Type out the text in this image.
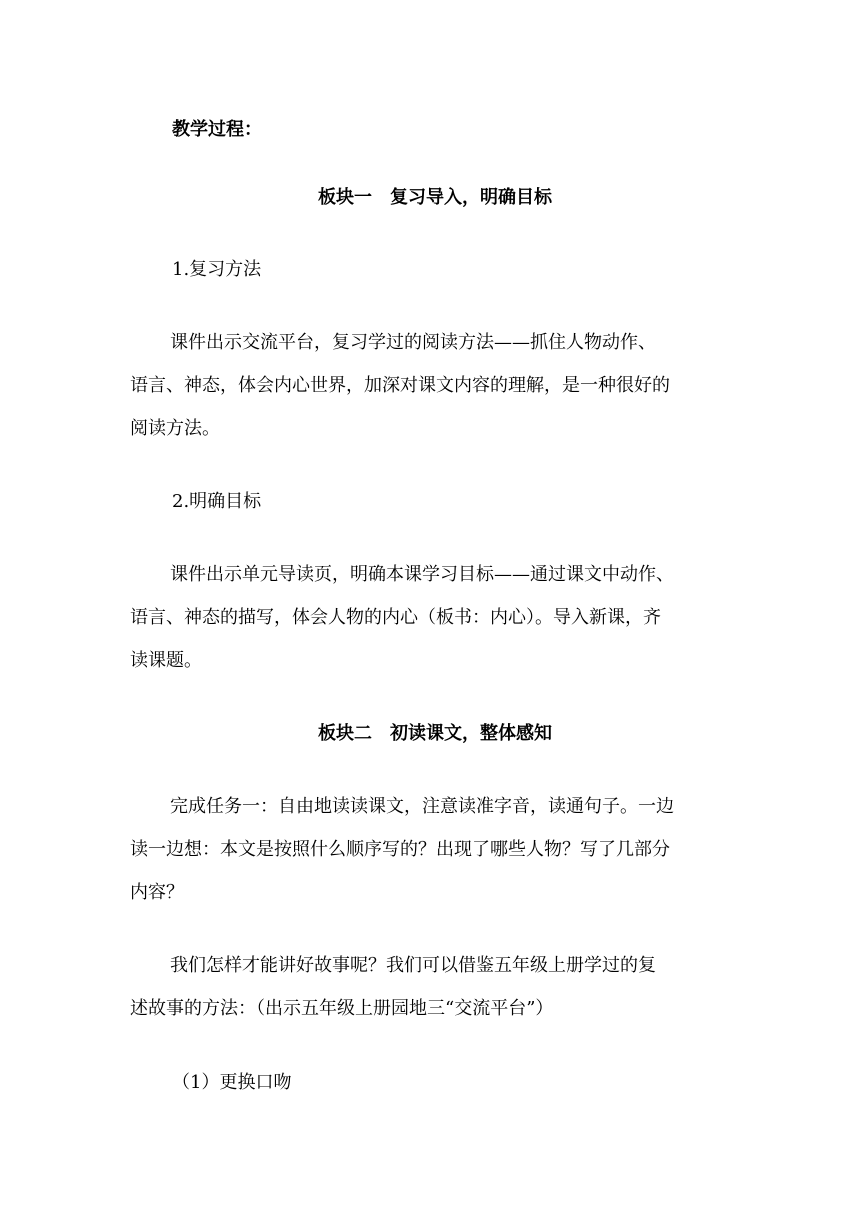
教学过程：

板块一　复习导入，明确目标

1.复习方法

课件出示交流平台，复习学过的阅读方法——抓住人物动作、
语言、神态，体会内心世界，加深对课文内容的理解，是一种很好的
阅读方法。

2.明确目标

课件出示单元导读页，明确本课学习目标——通过课文中动作、
语言、神态的描写，体会人物的内心（板书：内心）。导入新课，齐
读课题。

板块二　初读课文，整体感知

完成任务一：自由地读读课文，注意读准字音，读通句子。一边
读一边想：本文是按照什么顺序写的？出现了哪些人物？写了几部分
内容？
我们怎样才能讲好故事呢？我们可以借鉴五年级上册学过的复
述故事的方法：（出示五年级上册园地三“交流平台”）

（1）更换口吻
